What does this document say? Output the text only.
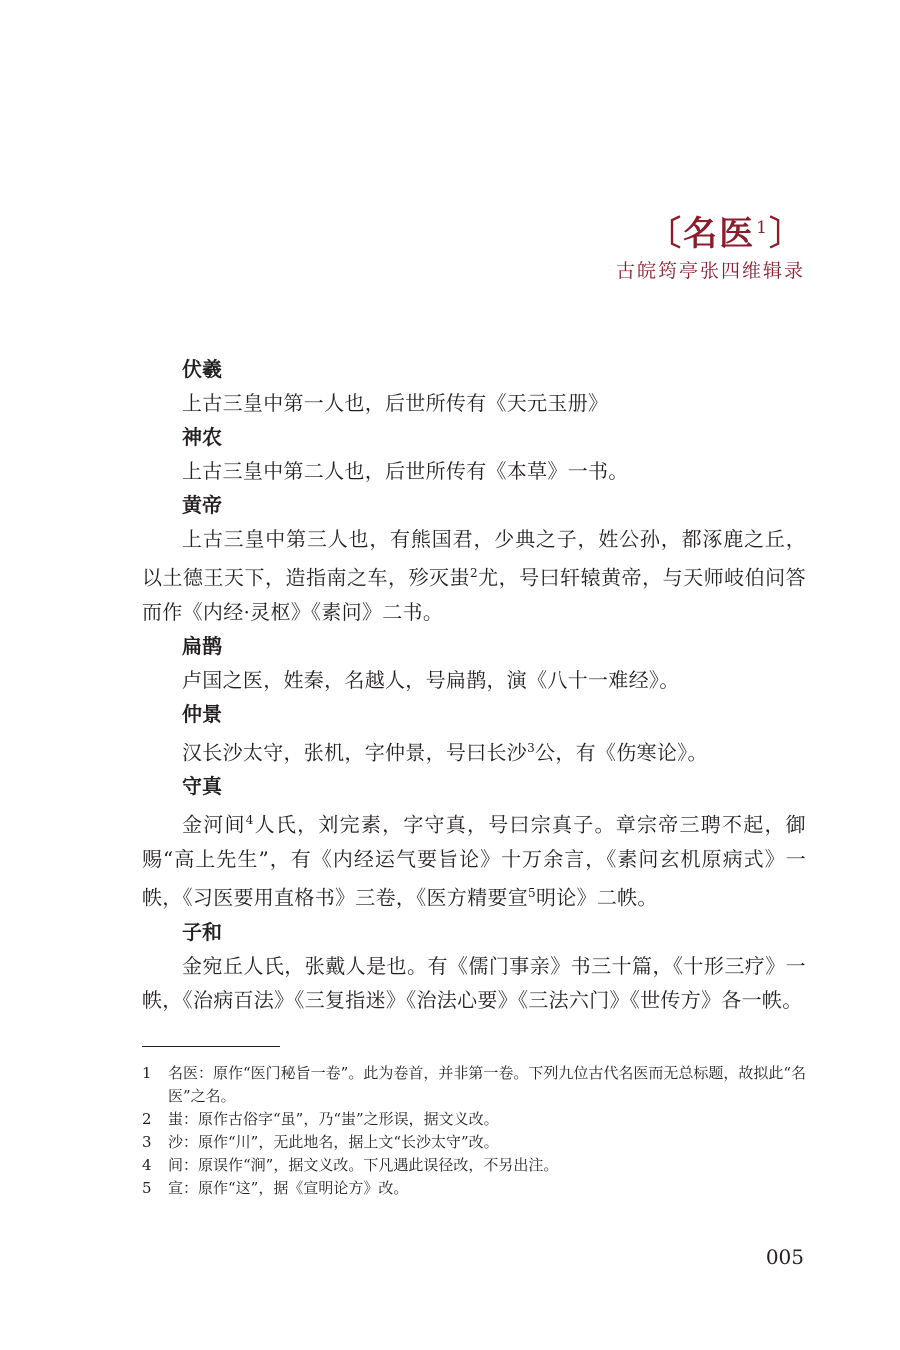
〔名医$^1$〕
古皖筠亭张四维辑录

伏羲

上古三皇中第一人也，后世所传有《天元玉册》

神农

上古三皇中第二人也，后世所传有《本草》一书。

黄帝

上古三皇中第三人也，有熊国君，少典之子，姓公孙，都涿鹿之丘，以土德王天下，造指南之车，殄灭蚩$^2$尤，号曰轩辕黄帝，与天师岐伯问答而作《内经·灵枢》《素问》二书。

扁鹊

卢国之医，姓秦，名越人，号扁鹊，演《八十一难经》。

仲景

汉长沙太守，张机，字仲景，号曰长沙$^3$公，有《伤寒论》。

守真

金河间$^4$人氏，刘完素，字守真，号曰宗真子。章宗帝三聘不起，御赐“高上先生”，有《内经运气要旨论》十万余言，《素问玄机原病式》一帙，《习医要用直格书》三卷，《医方精要宣$^5$明论》二帙。

子和

金宛丘人氏，张戴人是也。有《儒门事亲》书三十篇，《十形三疗》一帙，《治病百法》《三复指迷》《治法心要》《三法六门》《世传方》各一帙。

1 名医：原作“医门秘旨一卷”。此为卷首，并非第一卷。下列九位古代名医而无总标题，故拟此“名医”之名。

2 蚩：原作古俗字“虽”，乃“蚩”之形误，据文义改。

3 沙：原作“川”，无此地名，据上文“长沙太守”改。

4 间：原误作“涧”，据文义改。下凡遇此误径改，不另出注。

5 宣：原作“这”，据《宣明论方》改。

005
